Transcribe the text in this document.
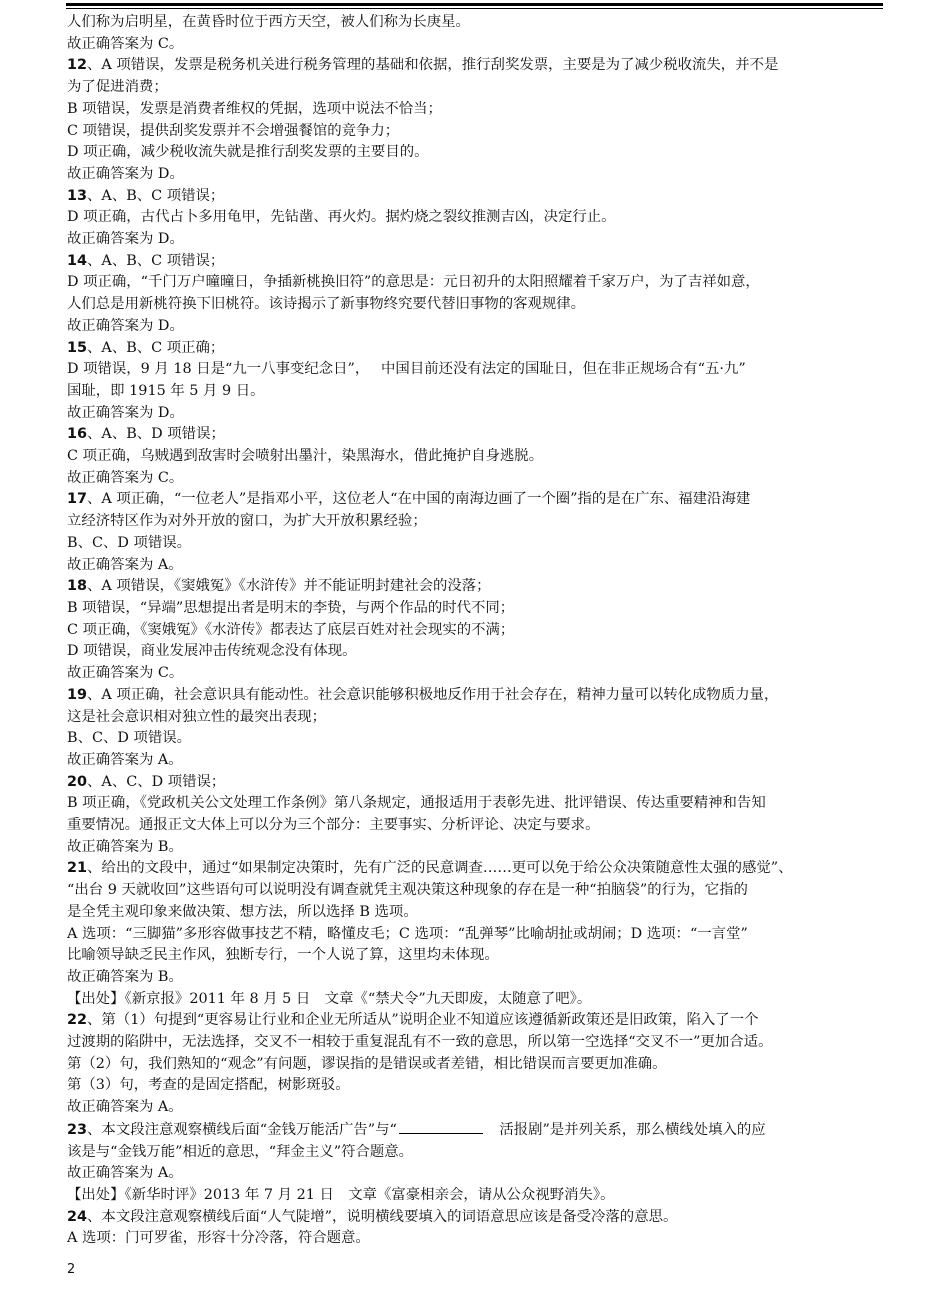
人们称为启明星，在黄昏时位于西方天空，被人们称为长庚星。
故正确答案为 C。
12、A 项错误，发票是税务机关进行税务管理的基础和依据，推行刮奖发票，主要是为了减少税收流失，并不是
为了促进消费；
B 项错误，发票是消费者维权的凭据，选项中说法不恰当；
C 项错误，提供刮奖发票并不会增强餐馆的竞争力；
D 项正确，减少税收流失就是推行刮奖发票的主要目的。
故正确答案为 D。
13、A、B、C 项错误；
D 项正确，古代占卜多用龟甲，先钻凿、再火灼。据灼烧之裂纹推测吉凶，决定行止。
故正确答案为 D。
14、A、B、C 项错误；
D 项正确，“千门万户曈曈日，争插新桃换旧符”的意思是：元日初升的太阳照耀着千家万户，为了吉祥如意，
人们总是用新桃符换下旧桃符。该诗揭示了新事物终究要代替旧事物的客观规律。
故正确答案为 D。
15、A、B、C 项正确；
D 项错误，9 月 18 日是“九一八事变纪念日”，　 中国目前还没有法定的国耻日，但在非正规场合有“五·九”
国耻，即 1915 年 5 月 9 日。
故正确答案为 D。
16、A、B、D 项错误；
C 项正确，乌贼遇到敌害时会喷射出墨汁，染黑海水，借此掩护自身逃脱。
故正确答案为 C。
17、A 项正确，“一位老人”是指邓小平，这位老人“在中国的南海边画了一个圈”指的是在广东、福建沿海建
立经济特区作为对外开放的窗口，为扩大开放积累经验；
B、C、D 项错误。
故正确答案为 A。
18、A 项错误，《窦娥冤》《水浒传》并不能证明封建社会的没落；
B 项错误，“异端”思想提出者是明末的李贽，与两个作品的时代不同；
C 项正确，《窦娥冤》《水浒传》都表达了底层百姓对社会现实的不满；
D 项错误，商业发展冲击传统观念没有体现。
故正确答案为 C。
19、A 项正确，社会意识具有能动性。社会意识能够积极地反作用于社会存在，精神力量可以转化成物质力量，
这是社会意识相对独立性的最突出表现；
B、C、D 项错误。
故正确答案为 A。
20、A、C、D 项错误；
B 项正确，《党政机关公文处理工作条例》第八条规定，通报适用于表彰先进、批评错误、传达重要精神和告知
重要情况。通报正文大体上可以分为三个部分：主要事实、分析评论、决定与要求。
故正确答案为 B。
21、给出的文段中，通过“如果制定决策时，先有广泛的民意调查……更可以免于给公众决策随意性太强的感觉”、
“出台 9 天就收回”这些语句可以说明没有调查就凭主观决策这种现象的存在是一种“拍脑袋”的行为，它指的
是全凭主观印象来做决策、想方法，所以选择 B 选项。
A 选项：“三脚猫”多形容做事技艺不精，略懂皮毛；C 选项：“乱弹琴”比喻胡扯或胡闹；D 选项：“一言堂”
比喻领导缺乏民主作风，独断专行，一个人说了算，这里均未体现。
故正确答案为 B。
【出处】《新京报》2011 年 8 月 5 日　文章《“禁犬令”九天即废，太随意了吧》。
22、第（1）句提到“更容易让行业和企业无所适从”说明企业不知道应该遵循新政策还是旧政策，陷入了一个
过渡期的陷阱中，无法选择，交叉不一相较于重复混乱有不一致的意思，所以第一空选择“交叉不一”更加合适。
第（2）句，我们熟知的“观念”有问题，谬误指的是错误或者差错，相比错误而言要更加准确。
第（3）句，考查的是固定搭配，树影斑驳。
故正确答案为 A。
23、本文段注意观察横线后面“金钱万能活广告”与“	　活报剧”是并列关系，那么横线处填入的应
该是与“金钱万能”相近的意思，“拜金主义”符合题意。
故正确答案为 A。
【出处】《新华时评》2013 年 7 月 21 日　文章《富豪相亲会，请从公众视野消失》。
24、本文段注意观察横线后面“人气陡增”，说明横线要填入的词语意思应该是备受冷落的意思。
A 选项：门可罗雀，形容十分冷落，符合题意。
2
